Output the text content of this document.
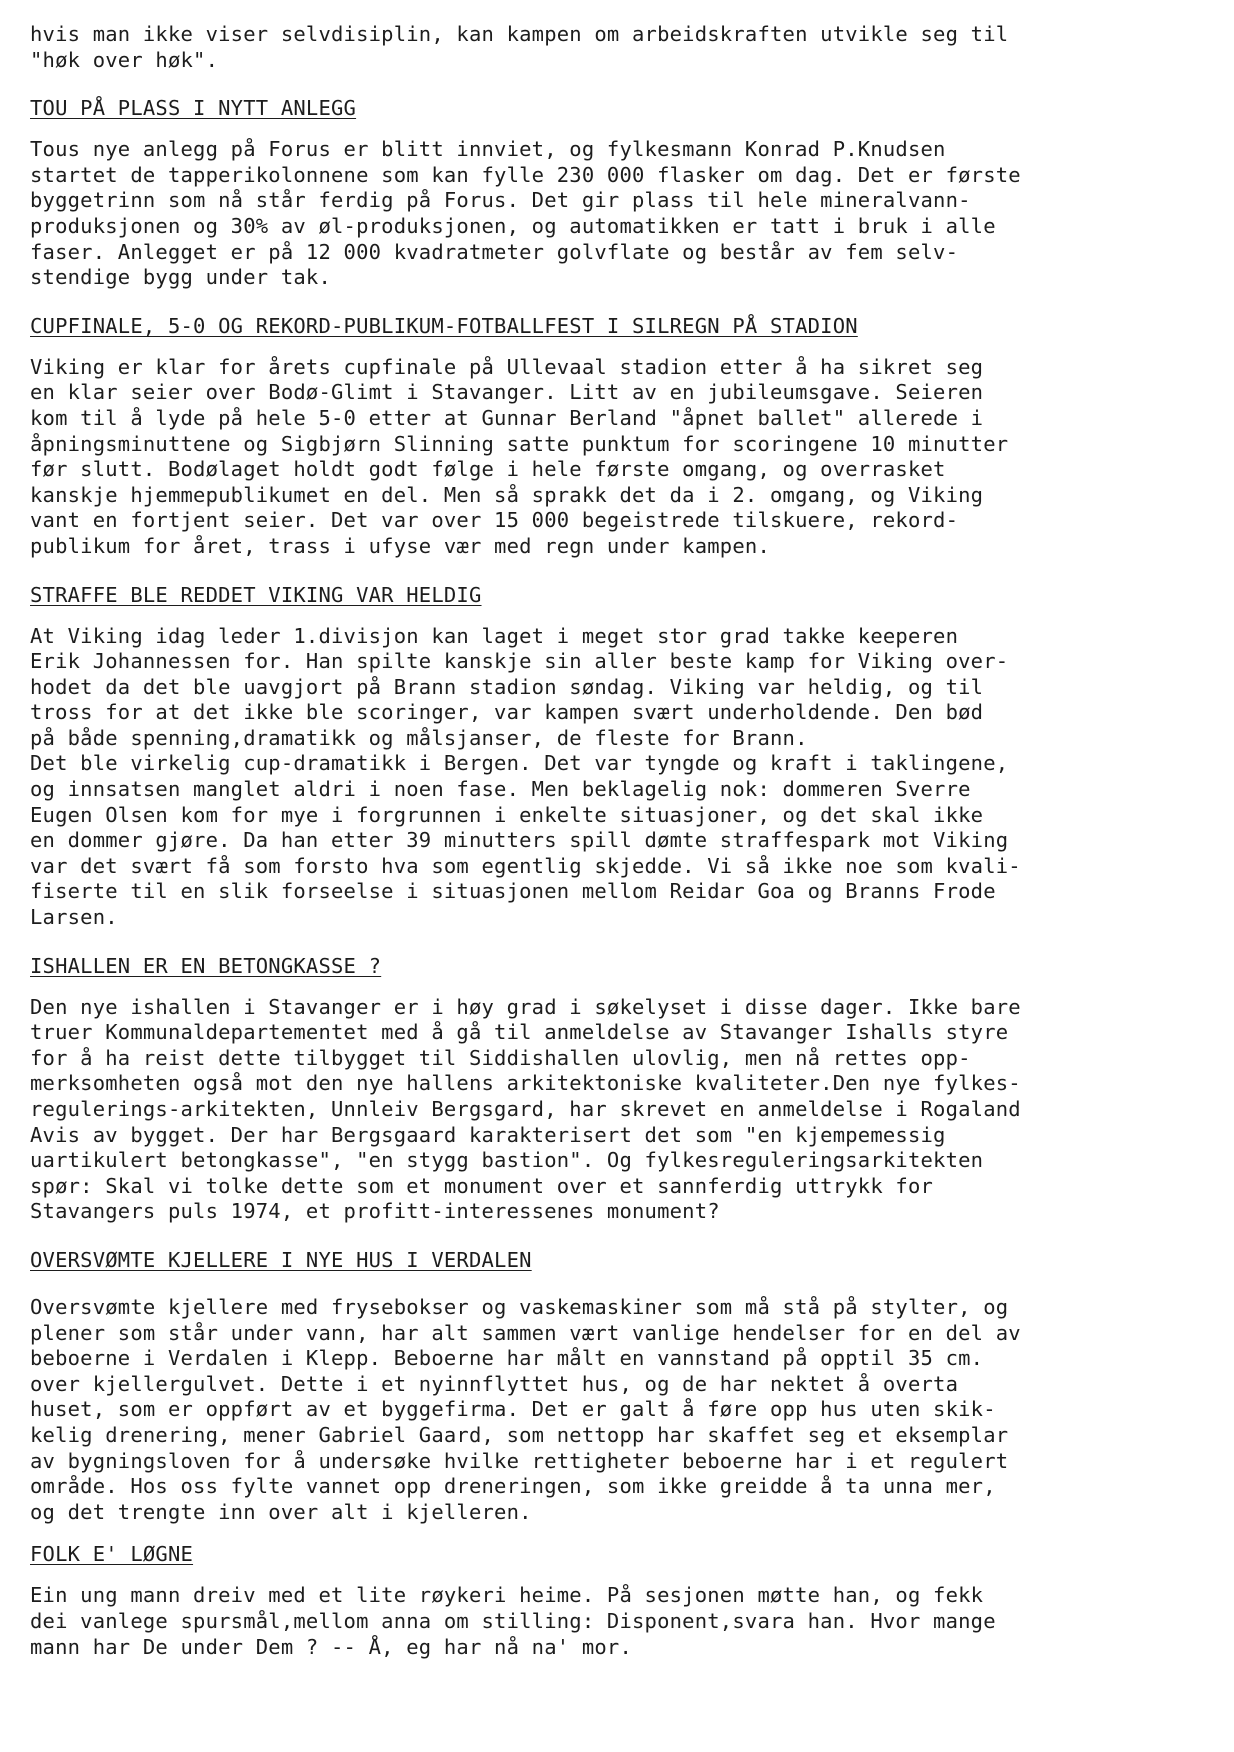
hvis man ikke viser selvdisiplin, kan kampen om arbeidskraften utvikle seg til
"høk over høk".

TOU PÅ PLASS I NYTT ANLEGG

Tous nye anlegg på Forus er blitt innviet, og fylkesmann Konrad P.Knudsen
startet de tapperikolonnene som kan fylle 230 000 flasker om dag. Det er første
byggetrinn som nå står ferdig på Forus. Det gir plass til hele mineralvann-
produksjonen og 30% av øl-produksjonen, og automatikken er tatt i bruk i alle
faser. Anlegget er på 12 000 kvadratmeter golvflate og består av fem selv-
stendige bygg under tak.

CUPFINALE, 5-0 OG REKORD-PUBLIKUM-FOTBALLFEST I SILREGN PÅ STADION

Viking er klar for årets cupfinale på Ullevaal stadion etter å ha sikret seg
en klar seier over Bodø-Glimt i Stavanger. Litt av en jubileumsgave. Seieren
kom til å lyde på hele 5-0 etter at Gunnar Berland "åpnet ballet" allerede i
åpningsminuttene og Sigbjørn Slinning satte punktum for scoringene 10 minutter
før slutt. Bodølaget holdt godt følge i hele første omgang, og overrasket
kanskje hjemmepublikumet en del. Men så sprakk det da i 2. omgang, og Viking
vant en fortjent seier. Det var over 15 000 begeistrede tilskuere, rekord-
publikum for året, trass i ufyse vær med regn under kampen.

STRAFFE BLE REDDET VIKING VAR HELDIG

At Viking idag leder 1.divisjon kan laget i meget stor grad takke keeperen
Erik Johannessen for. Han spilte kanskje sin aller beste kamp for Viking over-
hodet da det ble uavgjort på Brann stadion søndag. Viking var heldig, og til
tross for at det ikke ble scoringer, var kampen svært underholdende. Den bød
på både spenning,dramatikk og målsjanser, de fleste for Brann.
Det ble virkelig cup-dramatikk i Bergen. Det var tyngde og kraft i taklingene,
og innsatsen manglet aldri i noen fase. Men beklagelig nok: dommeren Sverre
Eugen Olsen kom for mye i forgrunnen i enkelte situasjoner, og det skal ikke
en dommer gjøre. Da han etter 39 minutters spill dømte straffespark mot Viking
var det svært få som forsto hva som egentlig skjedde. Vi så ikke noe som kvali-
fiserte til en slik forseelse i situasjonen mellom Reidar Goa og Branns Frode
Larsen.

ISHALLEN ER EN BETONGKASSE ?

Den nye ishallen i Stavanger er i høy grad i søkelyset i disse dager. Ikke bare
truer Kommunaldepartementet med å gå til anmeldelse av Stavanger Ishalls styre
for å ha reist dette tilbygget til Siddishallen ulovlig, men nå rettes opp-
merksomheten også mot den nye hallens arkitektoniske kvaliteter.Den nye fylkes-
regulerings-arkitekten, Unnleiv Bergsgard, har skrevet en anmeldelse i Rogaland
Avis av bygget. Der har Bergsgaard karakterisert det som "en kjempemessig
uartikulert betongkasse", "en stygg bastion". Og fylkesreguleringsarkitekten
spør: Skal vi tolke dette som et monument over et sannferdig uttrykk for
Stavangers puls 1974, et profitt-interessenes monument?

OVERSVØMTE KJELLERE I NYE HUS I VERDALEN

Oversvømte kjellere med frysebokser og vaskemaskiner som må stå på stylter, og
plener som står under vann, har alt sammen vært vanlige hendelser for en del av
beboerne i Verdalen i Klepp. Beboerne har målt en vannstand på opptil 35 cm.
over kjellergulvet. Dette i et nyinnflyttet hus, og de har nektet å overta
huset, som er oppført av et byggefirma. Det er galt å føre opp hus uten skik-
kelig drenering, mener Gabriel Gaard, som nettopp har skaffet seg et eksemplar
av bygningsloven for å undersøke hvilke rettigheter beboerne har i et regulert
område. Hos oss fylte vannet opp dreneringen, som ikke greidde å ta unna mer,
og det trengte inn over alt i kjelleren.

FOLK E' LØGNE

Ein ung mann dreiv med et lite røykeri heime. På sesjonen møtte han, og fekk
dei vanlege spursmål,mellom anna om stilling: Disponent,svara han. Hvor mange
mann har De under Dem ? -- Å, eg har nå na' mor.
